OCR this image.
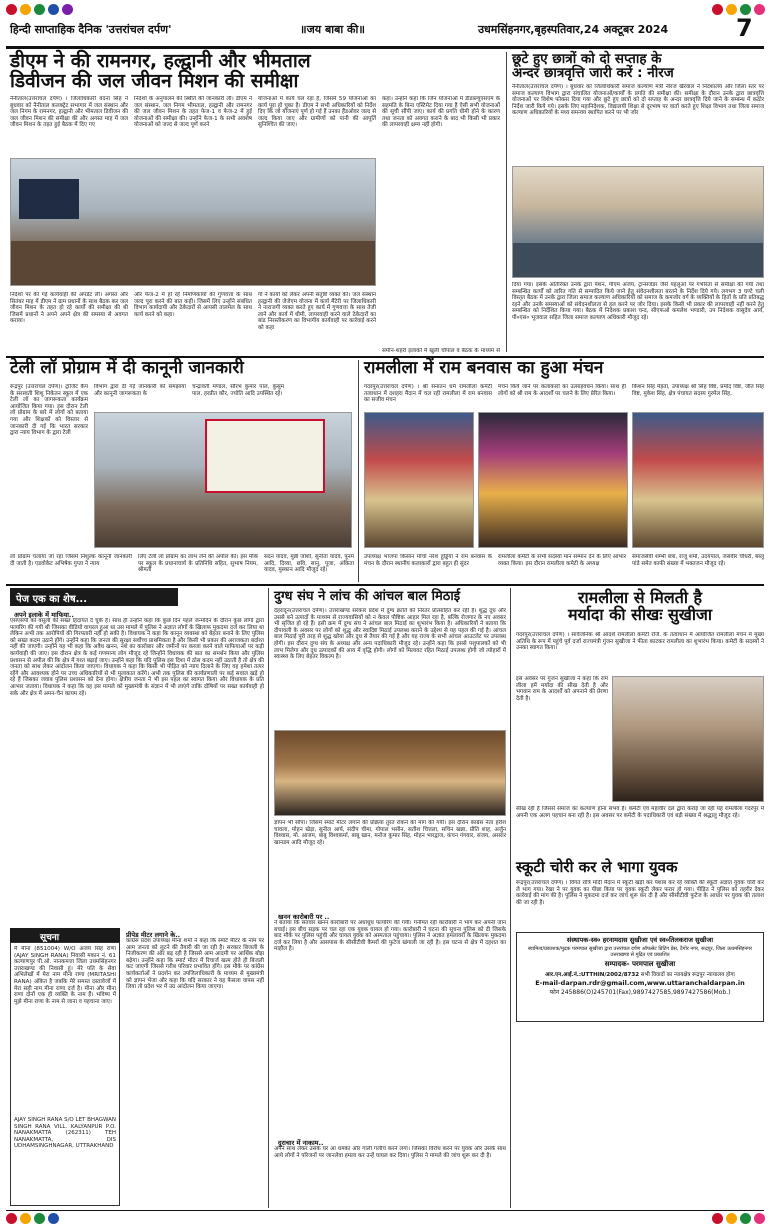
हिन्दी साप्ताहिक दैनिक 'उत्तरांचल दर्पण'	॥जय बाबा की॥	उधमसिंहनगर,बृहस्पतिवार,24 अक्टूबर 2024	7
डीएम ने की रामनगर, हल्द्वानी और भीमताल
डिवीजन की जल जीवन मिशन की समीक्षा
नैनीताल(उत्तरांचल दर्पण) । जिलाधिकारी वंदना सिंह ने बुधवार को नैनीताल कलक्ट्रेट सभागार में जल संस्थान और जल निगम के रामनगर, हल्द्वानी और भीमताल डिवीजन की जल जीवन मिशन की समीक्षा की और अगस्त माह में जल जीवन मिशन के तहत हुई बैठक में दिए गए
निर्देशों के अनुपालन की स्थिति की जानकारी ली। डीएम ने जल संस्थान, जल निगम भीमताल, हल्द्वानी और रामनगर की जल जीवन मिशन के तहत फेज-1 व फेज-2 में हुई योजनाओं की समीक्षा की। उन्होंने फेज-1 के सभी अवशेष योजनाओं को जल्द से जल्द पूर्ण करने
योजनाओं में कार्य चल रहा है, जिसमें 59 योजनाओं का कार्य पूरा हो चुका है। डीएम ने सभी अधिकारियों को निर्देश दिए कि जो योजनाएं पूर्ण हो गई हैं उनका हैंडओवर जल्द से जल्द किया जाए और ग्रामीणों को पानी की आपूर्ति सुनिश्चित की जाए।
कहा। उन्होंने कहा कि जिन योजनाओं में डीडब्ल्यूएसएम के सहमति के बिना एस्टिमेट दिया गया है ऐसी सभी योजनाओं की सूची सौंपी जाए। कार्य की प्रगति धीमी होने के कारण तथा जनता को अवगत कराने के बाद भी किसी भी प्रकार की लापरवाही क्षम्य नहीं होगी।
निर्देशों पर की गई कार्यवाही की अपडेट ली। अगस्त और सितंबर माह में डीएम ने ग्राम प्रधानों के साथ बैठक कर जल जीवन मिशन के तहत हो रहे कार्यों की समीक्षा की थी जिसमें प्रधानों ने अपने अपने क्षेत्र की समस्या से अवगत कराया।
और फेज-2 में हो रहे निर्माणकार्यों की गुणवत्ता के साथ जल्द पूरा करने की बात कही। जिसमें लिए उन्होंने संबंधित विभाग कार्यदायी और ठेकेदारों से आपसी तालमेल के साथ कार्य करने को कहा।
गों ने कार्यों को लेकर अपनी संतुष्टि व्यक्त की। जल संस्थान हल्द्वानी की जेजेएम योजना में कार्य मैंटेरी पर जिलाधिकारी ने नाराजगी व्यक्त करते हुए कार्य में गुणवत्ता के साथ तेजी लाने और कार्य में धीमी, लापरवाही करने वाले ठेकेदारों का बांड निरस्तीकरण का विभागीय कार्यवाही पर कार्रवाई करने को कहा
समीन-शहरी इलाकों में खुली चौपाल व बैठक के माध्यम से
छूटे हुए छात्रों को दो सप्ताह के
अन्दर छात्रवृत्ति जारी करें : नीरज
नैनीताल(उत्तरांचल दर्पण) । बुधवार को जिलाधिकारी समाज कल्याण मंत्री नीरज खैरवाल ने निदेशालय और जिला स्तर पर समाज कल्याण विभाग द्वारा संचालित योजनाओं/कार्यों के प्रगति की समीक्षा की। समीक्षा के दौरान उनके द्वारा छात्रवृत्ति योजनाओं पर विशेष फोकस दिया गया और छूटे हुए छात्रों को दो सप्ताह के अन्दर छात्रवृत्ति दिये जाने के सम्बन्ध में कठोर निर्देश जारी किये गये। इसके लिए महानिदेशक, विद्यालयी शिक्षा से दूरभाष पर वार्ता करते हुए शिक्षा विभाग तथा जिला समाज कल्याण अधिकारियों के मध्य समन्वय स्थापित करने पर भी जोर
दिया गया। इसके अतिरिक्त उनके द्वारा पेंशन, पीएम अजय, ट्रान्सजेंडर जैसे पहलुओं पर गंभीरता से समीक्षा की गयी तथा सम्बन्धित कार्यों को त्वरित गति से सम्पादित किये जाने हेतु संवेदनशीलता बरतने के निर्देश दिये गये। लगभग 3 घण्टे चली विस्तृत बैठक में उनके द्वारा जिला समाज कल्याण अधिकारियों को समाज के कमजोर वर्ग के व्यक्तियों के हितों के प्रति प्रतिबद्ध रहने और उनके समस्याओं को संवेदनशीलता से हल करने पर जोर दिया। इसके किसी भी प्रकार की लापरवाही नहीं करने हेतु सम्बन्धित को निर्देशित किया गया। बैठक में निदेशक प्रकाश चन्द, सीएफओ कमलेश भण्डारी, उप निदेशक वासुदेव आर्य, पी०एस० भूजवाल सहित जिला समाज कल्याण अधिकारी मौजूद रहे।
टेली लॉ प्रोग्राम में दी कानूनी जानकारी
रूद्रपुर (उत्तरांचल दर्पण)। ट्रांजिट कैंप के सरस्वती शिशु निकेतन स्कूल में एक टेली लॉ का जागरूकता कार्यक्रम आयोजित किया गया। इस दौरान टेली लॉ प्रोग्राम के बारे में लोगों को बताया गया और शिक्षकों को विस्तार से जानकारी दी गई कि भारत सरकार द्वारा न्याय विभाग के द्वारा टेली
विभाग द्वारा दी गई जानकारी को समझाया और कानूनी जागरूकता के
चन्द्रावती मण्डल, सौरभ कुमार पाल, कुसुम पाल, हरप्रीत कौर, ज्योति आदि उपस्थित रहे।
लॉ प्रोग्राम चलाया जा रहा जिसमें निशुल्क कानूनी जानकारी दी जाती है। एडवोकेट अभिषेक गुप्ता ने न्याय
लिए टेली लॉ प्रोग्राम का लाभ लेने की अपील की। इस मौके पर स्कूल के प्रधानाचार्य के प्रतिनिधि सहित, सुभाष नियम, श्रीमती
संदन यादव, मुन्नी जोशी, सुनीता यादव, पूनम आदि, दिव्या, छवि, सानु, पूजा, अंकिता यादव, मुस्कान आदि मौजूद रहे।
रामलीला में राम बनवास का हुआ मंचन
गदरपुर(उत्तरांचल दर्पण) । श्री सनातन धर्म रामलीला कमेटी तत्वाधान में दशहरा मैदान में चल रही रामलीला में राम बनवास का सजीव मंचन
मंचन किये जाने पर कलाकारों का उत्साहवर्धन किया। साथ ही लोगों को श्री राम के आदर्शों पर चलने के लिए प्रेरित किया।
किशन सिंह मेहता, उपाध्यक्ष श्री सिंह विष्ट, प्रमोद विष्ट, जीत सिंह विष्ट, मुकेश सिंह, क्षेत्र पंचायत सदस्य गुरमेल सिंह,
उपाध्यक्ष भाजपा किसान मोर्चा नरेश हुड्डिया ने राम बनवास के मंचन के दौरान स्थानीय कलाकारों द्वारा बहुत ही सुंदर
रामलीला कमेटी के सभी सदस्यों मान सम्मान देने के लिए आभार व्यक्त किया। इस दौरान रामलीला कमेटी के अध्यक्ष
समाजसेवी शम्भी बत्रा, राजू शर्मा, उदयपाल, जसवीर चौधरी, बब्लू पांडे समेत काफी संख्या में भक्तजन मौजूद रहे।
पेज एक का शेष...
अपने इलाके में माफिया..
एसएसपी को वसूली की सख्त हिदायत दे चुके हैं। साथ ही उन्होंने कहा कि कुछ दिन पहले जन्मदिन के दौरान कुछ लोगों द्वारा फायरिंग की गयी थी जिसका वीडियो वायरल हुआ था उस मामले में पुलिस ने अज्ञात लोगों के खिलाफ मुकदमा दर्ज कर लिया था लेकिन अभी तक आरोपियों की गिरफ्तारी नहीं हो सकी है। विधायक ने कहा कि कानून व्यवस्था को बेहतर बनाने के लिए पुलिस को सख्त कदम उठाने होंगे। उन्होंने कहा कि जनता की सुरक्षा सर्वोच्च प्राथमिकता है और किसी भी प्रकार की अराजकता बर्दाश्त नहीं की जाएगी। उन्होंने यह भी कहा कि अवैध खनन, नशे का कारोबार और जमीनों पर कब्जा करने वाले माफियाओं पर कड़ी कार्यवाही की जाए। इस दौरान क्षेत्र के कई गणमान्य लोग मौजूद रहे जिन्होंने विधायक की बात का समर्थन किया और पुलिस प्रशासन से अपील की कि क्षेत्र में गश्त बढ़ाई जाए। उन्होंने कहा कि यदि पुलिस इस दिशा में ठोस कदम नहीं उठाती है तो क्षेत्र की जनता को साथ लेकर आंदोलन किया जाएगा। विधायक ने कहा कि किसी भी पीड़ित को न्याय दिलाने के लिए वह हमेशा तत्पर रहेंगे और आवश्यक होने पर उच्च अधिकारियों से भी मुलाकात करेंगे। अभी तक पुलिस की कार्यप्रणाली पर कई सवाल खड़े हो रहे हैं जिसका जवाब पुलिस प्रशासन को देना होगा। क्षेत्रीय जनता ने भी इस पहल का स्वागत किया और विधायक के प्रति आभार जताया। विधायक ने कहा कि वह इस मामले को मुख्यमंत्री के संज्ञान में भी लाएंगे ताकि दोषियों पर सख्त कार्यवाही हो सके और क्षेत्र में अमन-चैन कायम रहे।
सूचना
मैं मीना (851004) W/O अजय सिंह राणा (AJAY SINGH RANA) निवासी मकान नं. 61 कल्याणपुर पी.ओ. नानकमत्ता जिला उधमसिंहनगर उत्तराखण्ड की निवासी हूं। मेरे पति के सेवा अभिलेखों में मेरा नाम मीना राणा (MRITASHI RANA) अंकित है जबकि मेरे समस्त दस्तावेजों में मेरा सही नाम मीना राणा दर्ज है। मीना और मीना राणा दोनों एक ही व्यक्ति के नाम हैं। भविष्य में मुझे मीना राणा के नाम से जाना व पहचाना जाए।
AJAY SINGH RANA S/O LET BHAGWAN SINGH RANA VILL. KALYANPUR P.O. NANAKMATTA (262311) TEH NANAKMATTA, DIS UDHAMSINGHNAGAR, UTTRAKHAND
प्रीपेड मीटर लगाने के..
कांग्रेस प्रदेश उपाध्यक्ष मीना शर्मा ने कहा कि स्मार्ट मीटर के नाम पर आम जनता को लूटने की तैयारी की जा रही है। सरकार बिजली के निजीकरण की ओर बढ़ रही है जिससे आम आदमी पर आर्थिक बोझ बढ़ेगा। उन्होंने कहा कि स्मार्ट मीटर में रिचार्ज खत्म होते ही बिजली कट जाएगी जिससे गरीब परिवार प्रभावित होंगे। इस मौके पर कांग्रेस कार्यकर्ताओं ने प्रदर्शन कर उपजिलाधिकारी के माध्यम से मुख्यमंत्री को ज्ञापन भेजा और कहा कि यदि सरकार ने यह फैसला वापस नहीं लिया तो प्रदेश भर में उग्र आंदोलन किया जाएगा।
दुग्ध संघ ने लांच की आंचल बाल मिठाई
देहरादून(उत्तरांचल दर्पण)। उत्तराखण्ड सरकार प्रदेश में दुग्ध क्रांति को निरंतर प्रोत्साहित कर रही है। शुद्ध दूध और उससे बने उत्पादों के माध्यम से राज्यवासियों को न केवल पौष्टिक आहार मिल रहा है, बल्कि रोजगार के नए अवसर भी सृजित हो रहे हैं। इसी क्रम में दुग्ध संघ ने आंचल बाल मिठाई का शुभारंभ किया है। अधिकारियों ने बताया कि दीपावली के अवसर पर लोगों को शुद्ध और स्वादिष्ट मिठाई उपलब्ध कराने के उद्देश्य से यह पहल की गई है। आंचल बाल मिठाई पूरी तरह से शुद्ध खोया और दूध से तैयार की गई है और यह राज्य के सभी आंचल आउटलेट पर उपलब्ध होगी। इस दौरान दुग्ध संघ के अध्यक्ष और अन्य पदाधिकारी मौजूद रहे। उन्होंने कहा कि इससे पशुपालकों को भी लाभ मिलेगा और दूध उत्पादकों की आय में वृद्धि होगी। लोगों को मिलावट रहित मिठाई उपलब्ध होगी जो त्योहारों में स्वास्थ्य के लिए बेहतर विकल्प है।
ज्ञापन भी सौंपा। जिसमें स्मार्ट मीटर लगाने की प्रक्रिया तुरंत रोकने की मांग की गयी। इस दौरान कांग्रेस नेता हरीश चावला, मोहन खेड़ा, सुनील आर्य, संदीप चीमा, गोपाल भसीन, सतीश चित्तला, सचिन खन्ना, प्रीति शाह, अर्जुन विश्वास, मो. आजम, बाबू विश्वकर्मा, बाबू खान, मनोज कुमार सिंह, मोहन भारद्वाज, कंचन गंगवार, संजय, असरार खानडम आदि मौजूद रहे।
खनन कारोबारी पर ..
ने बताया कि सतवार खनन कारोबारी पर अंधाधुंध फायरिंग की गयी। गनीमत रही कारोबारी ने भाग कर अपनी जान बचाई। इस बीच सड़क पर चल रहा एक युवक घायल हो गया। कारोबारी ने घटना की सूचना पुलिस को दी जिसके बाद मौके पर पुलिस पहुंची और घायल युवक को अस्पताल पहुंचाया। पुलिस ने अज्ञात हमलावरों के खिलाफ मुकदमा दर्ज कर लिया है और आसपास के सीसीटीवी कैमरों की फुटेज खंगाली जा रही है। इस घटना से क्षेत्र में दहशत का माहौल है।
दुराचार में नाकाम..
अपने साथ लेकर उसके घर आ धमका और गाली गलौच करने लगा। जिसका विरोध करने पर युवक और उसके साथ आये लोगों ने परिजनों पर जानलेवा हमला कर उन्हें घायल कर दिया। पुलिस ने मामले की जांच शुरू कर दी है।
रामलीला से मिलती है
मर्यादा की सीखः सुखीजा
गदरपुर(उत्तरांचल दर्पण) । सार्वजनिक श्री आदर्श रामलीला कमेटी रजि. के तत्वाधान में आयोजित रामलीला मंचन में मुख्य अतिथि के रूप में पहुंचे पूर्व दर्जा राज्यमंत्री गुंजन सुखीजा ने फीता काटकर रामलीला का शुभारंभ किया। कमेटी के सदस्यों ने उनका स्वागत किया।
इस अवसर पर गुंजन सुखीजा ने कहा कि राम लीला हमें मर्यादा की सीख देती है और भगवान राम के आदर्शों को अपनाने की प्रेरणा देती है।
सीख रही है जिससे समाज का कल्याण होना संभव है। कमेटी एवं महावीर दल द्वारा कराई जा रही यह रामलीला गदरपुर में अपनी एक अलग पहचान बना रही है। इस अवसर पर कमेटी के पदाधिकारी एवं बड़ी संख्या में श्रद्धालु मौजूद रहे।
स्कूटी चोरी कर ले भागा युवक
रूद्रपुर(उत्तरांचल दर्पण) । विगत रात्रि मोदी मैदान में स्कूटी खड़ी कर पेशाब कर रहे व्यक्ति की स्कूटी अज्ञात युवक चोरी कर ले भाग गया। रेखा ने पर युवक का पीछा किया पर युवक स्कूटी लेकर फरार हो गया। पीड़ित ने पुलिस को तहरीर देकर कार्रवाई की मांग की है। पुलिस ने मुकदमा दर्ज कर जांच शुरू कर दी है और सीसीटीवी फुटेज के आधार पर युवक की तलाश की जा रही है।
संस्थापक-स्व० हरनामदास सुखीजा एवं स्व०तिलकराज सुखीजा
स्वामित्व/प्रकाशक/मुद्रक परमपाल सुखीजा द्वारा उत्तरांचल दर्पण ऑफसेट प्रिटिंग प्रेस, टैगोर नगर, रूद्रपुर, जिला ऊधमसिंहनगर उत्तराखण्ड से मुद्रित एवं प्रकाशित
सम्पादक- परमपाल सुखीजा
आर.एन.आई.नं.:UTTHIN/2002/8732 सभी विवादों का न्यायक्षेत्र रूद्रपुर न्यायालय होगा
E-mail-darpan.rdr@gmail.com,www.uttaranchaldarpan.in
फोन 245886(O)245701(Fax),9897427585,9897427586(Mob.)
